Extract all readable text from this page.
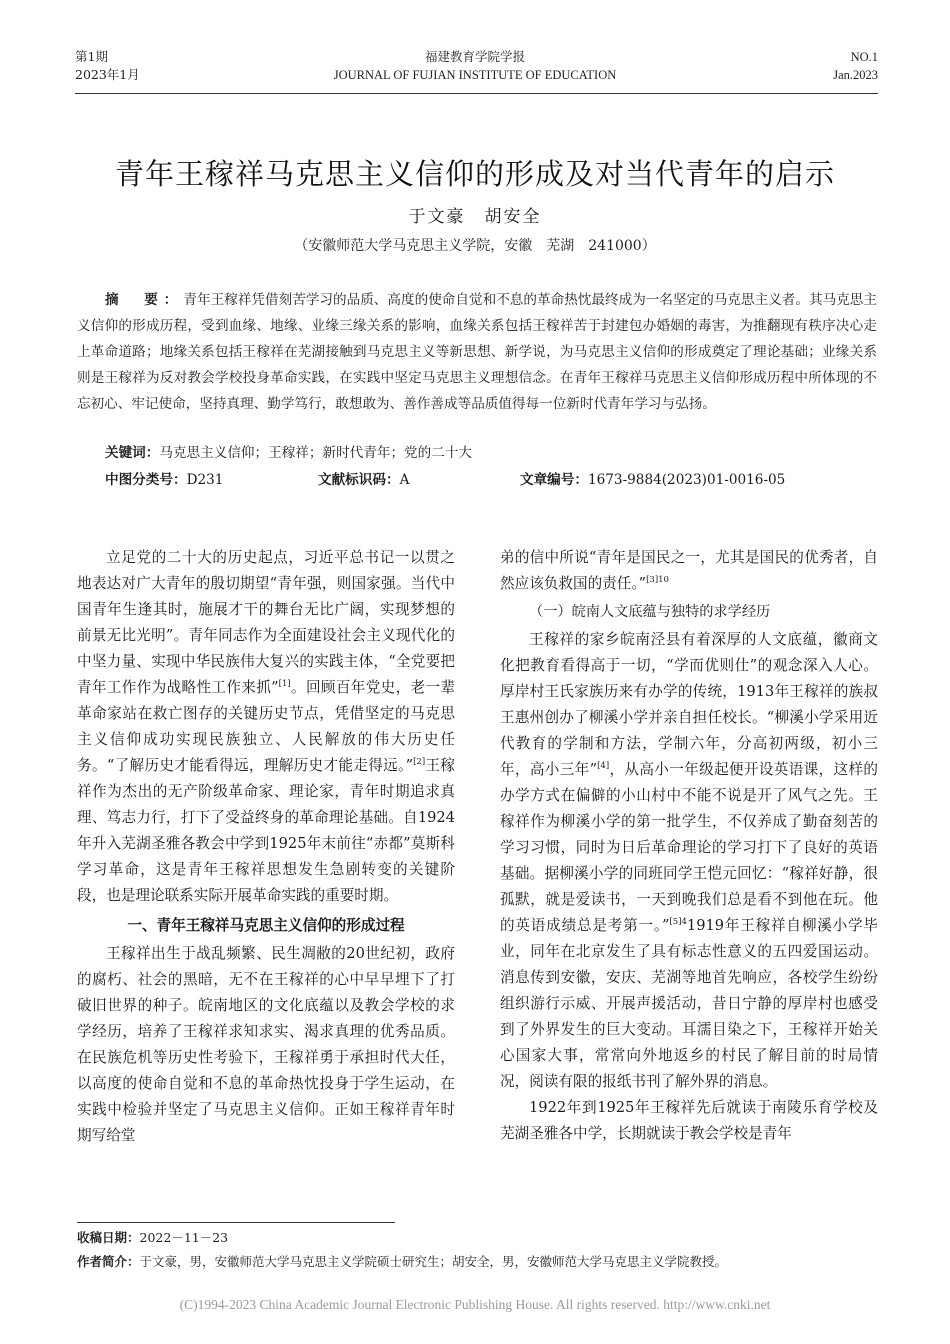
第1期
2023年1月
福建教育学院学报
JOURNAL OF FUJIAN INSTITUTE OF EDUCATION
NO.1
Jan.2023
青年王稼祥马克思主义信仰的形成及对当代青年的启示
于文豪　胡安全
（安徽师范大学马克思主义学院，安徽　芜湖　241000）
摘　要：青年王稼祥凭借刻苦学习的品质、高度的使命自觉和不息的革命热忱最终成为一名坚定的马克思主义者。其马克思主义信仰的形成历程，受到血缘、地缘、业缘三缘关系的影响，血缘关系包括王稼祥苦于封建包办婚姻的毒害，为推翻现有秩序决心走上革命道路；地缘关系包括王稼祥在芜湖接触到马克思主义等新思想、新学说，为马克思主义信仰的形成奠定了理论基础；业缘关系则是王稼祥为反对教会学校投身革命实践，在实践中坚定马克思主义理想信念。在青年王稼祥马克思主义信仰形成历程中所体现的不忘初心、牢记使命，坚持真理、勤学笃行，敢想敢为、善作善成等品质值得每一位新时代青年学习与弘扬。
关键词：马克思主义信仰；王稼祥；新时代青年；党的二十大
中图分类号：D231	文献标识码：A	文章编号：1673-9884(2023)01-0016-05

立足党的二十大的历史起点，习近平总书记一以贯之地表达对广大青年的殷切期望“青年强，则国家强。当代中国青年生逢其时，施展才干的舞台无比广阔，实现梦想的前景无比光明”。青年同志作为全面建设社会主义现代化的中坚力量、实现中华民族伟大复兴的实践主体，“全党要把青年工作作为战略性工作来抓”[1]。回顾百年党史，老一辈革命家站在救亡图存的关键历史节点，凭借坚定的马克思主义信仰成功实现民族独立、人民解放的伟大历史任务。“了解历史才能看得远，理解历史才能走得远。”[2]王稼祥作为杰出的无产阶级革命家、理论家，青年时期追求真理、笃志力行，打下了受益终身的革命理论基础。自1924年升入芜湖圣雅各教会中学到1925年末前往“赤都”莫斯科学习革命，这是青年王稼祥思想发生急剧转变的关键阶段，也是理论联系实际开展革命实践的重要时期。

一、青年王稼祥马克思主义信仰的形成过程

王稼祥出生于战乱频繁、民生凋敝的20世纪初，政府的腐朽、社会的黑暗，无不在王稼祥的心中早早埋下了打破旧世界的种子。皖南地区的文化底蕴以及教会学校的求学经历，培养了王稼祥求知求实、渴求真理的优秀品质。在民族危机等历史性考验下，王稼祥勇于承担时代大任，以高度的使命自觉和不息的革命热忱投身于学生运动，在实践中检验并坚定了马克思主义信仰。正如王稼祥青年时期写给堂

弟的信中所说“青年是国民之一，尤其是国民的优秀者，自然应该负救国的责任。”$^{[3]10}$

（一）皖南人文底蕴与独特的求学经历

王稼祥的家乡皖南泾县有着深厚的人文底蕴，徽商文化把教育看得高于一切，“学而优则仕”的观念深入人心。厚岸村王氏家族历来有办学的传统，1913年王稼祥的族叔王惠州创办了柳溪小学并亲自担任校长。“柳溪小学采用近代教育的学制和方法，学制六年，分高初两级，初小三年，高小三年”[4]，从高小一年级起便开设英语课，这样的办学方式在偏僻的小山村中不能不说是开了风气之先。王稼祥作为柳溪小学的第一批学生，不仅养成了勤奋刻苦的学习习惯，同时为日后革命理论的学习打下了良好的英语基础。据柳溪小学的同班同学王恺元回忆：“稼祥好静，很孤默，就是爱读书，一天到晚我们总是看不到他在玩。他的英语成绩总是考第一。”$^{[5]4}$1919年王稼祥自柳溪小学毕业，同年在北京发生了具有标志性意义的五四爱国运动。消息传到安徽，安庆、芜湖等地首先响应，各校学生纷纷组织游行示威、开展声援活动，昔日宁静的厚岸村也感受到了外界发生的巨大变动。耳濡目染之下，王稼祥开始关心国家大事，常常向外地返乡的村民了解目前的时局情况，阅读有限的报纸书刊了解外界的消息。

1922年到1925年王稼祥先后就读于南陵乐育学校及芜湖圣雅各中学，长期就读于教会学校是青年

收稿日期：2022－11－23
作者简介：于文豪，男，安徽师范大学马克思主义学院硕士研究生；胡安全，男，安徽师范大学马克思主义学院教授。
(C)1994-2023 China Academic Journal Electronic Publishing House. All rights reserved. http://www.cnki.net
